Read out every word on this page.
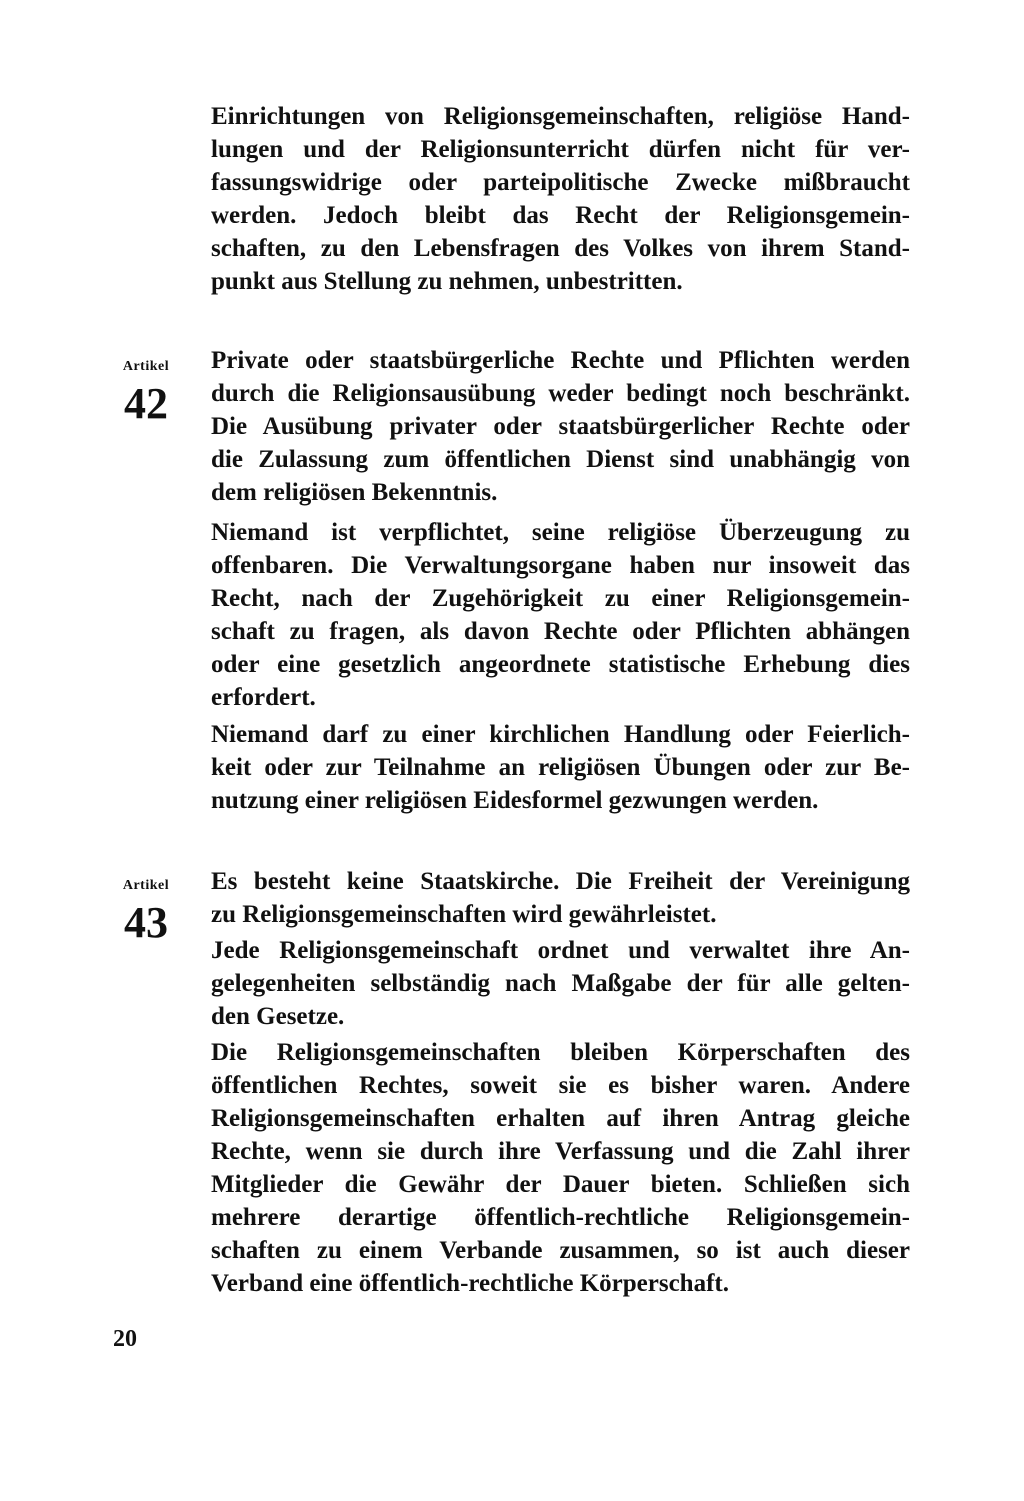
Einrichtungen von Religionsgemeinschaften, religiöse Hand-
lungen und der Religionsunterricht dürfen nicht für ver-
fassungswidrige oder parteipolitische Zwecke mißbraucht
werden. Jedoch bleibt das Recht der Religionsgemein-
schaften, zu den Lebensfragen des Volkes von ihrem Stand-
punkt aus Stellung zu nehmen, unbestritten.
Artikel
42
Private oder staatsbürgerliche Rechte und Pflichten werden
durch die Religionsausübung weder bedingt noch beschränkt.
Die Ausübung privater oder staatsbürgerlicher Rechte oder
die Zulassung zum öffentlichen Dienst sind unabhängig von
dem religiösen Bekenntnis.
Niemand ist verpflichtet, seine religiöse Überzeugung zu
offenbaren. Die Verwaltungsorgane haben nur insoweit das
Recht, nach der Zugehörigkeit zu einer Religionsgemein-
schaft zu fragen, als davon Rechte oder Pflichten abhängen
oder eine gesetzlich angeordnete statistische Erhebung dies
erfordert.
Niemand darf zu einer kirchlichen Handlung oder Feierlich-
keit oder zur Teilnahme an religiösen Übungen oder zur Be-
nutzung einer religiösen Eidesformel gezwungen werden.
Artikel
43
Es besteht keine Staatskirche. Die Freiheit der Vereinigung
zu Religionsgemeinschaften wird gewährleistet.
Jede Religionsgemeinschaft ordnet und verwaltet ihre An-
gelegenheiten selbständig nach Maßgabe der für alle gelten-
den Gesetze.
Die Religionsgemeinschaften bleiben Körperschaften des
öffentlichen Rechtes, soweit sie es bisher waren. Andere
Religionsgemeinschaften erhalten auf ihren Antrag gleiche
Rechte, wenn sie durch ihre Verfassung und die Zahl ihrer
Mitglieder die Gewähr der Dauer bieten. Schließen sich
mehrere derartige öffentlich-rechtliche Religionsgemein-
schaften zu einem Verbande zusammen, so ist auch dieser
Verband eine öffentlich-rechtliche Körperschaft.
20
